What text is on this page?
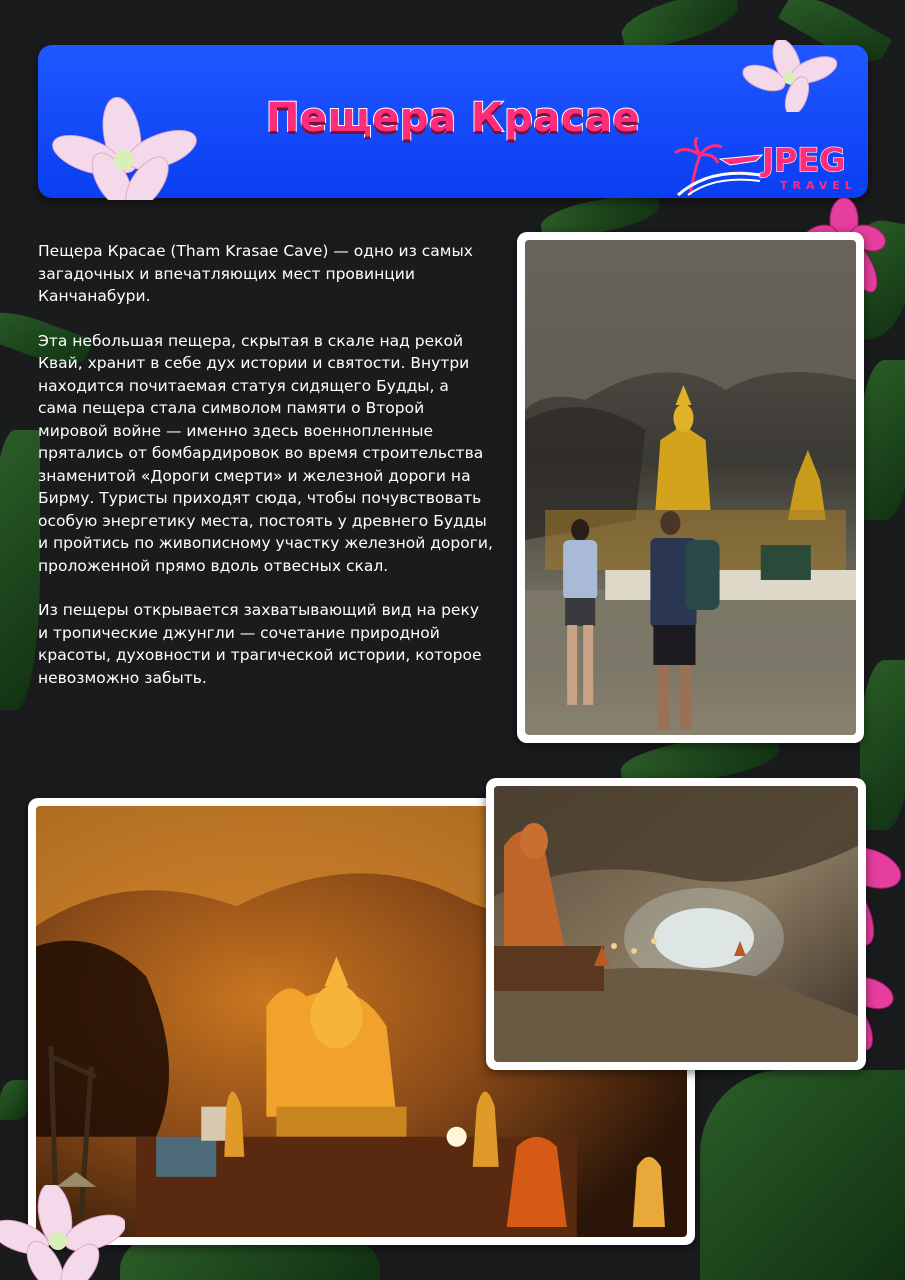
Пещера Красае
JPEG
TRAVEL

Пещера Красае (Tham Krasae Cave) — одно из самых загадочных и впечатляющих мест провинции Канчанабури.

Эта небольшая пещера, скрытая в скале над рекой Квай, хранит в себе дух истории и святости. Внутри находится почитаемая статуя сидящего Будды, а сама пещера стала символом памяти о Второй мировой войне — именно здесь военнопленные прятались от бомбардировок во время строительства знаменитой «Дороги смерти» и железной дороги на Бирму. Туристы приходят сюда, чтобы почувствовать особую энергетику места, постоять у древнего Будды и пройтись по живописному участку железной дороги, проложенной прямо вдоль отвесных скал.

Из пещеры открывается захватывающий вид на реку и тропические джунгли — сочетание природной красоты, духовности и трагической истории, которое невозможно забыть.
